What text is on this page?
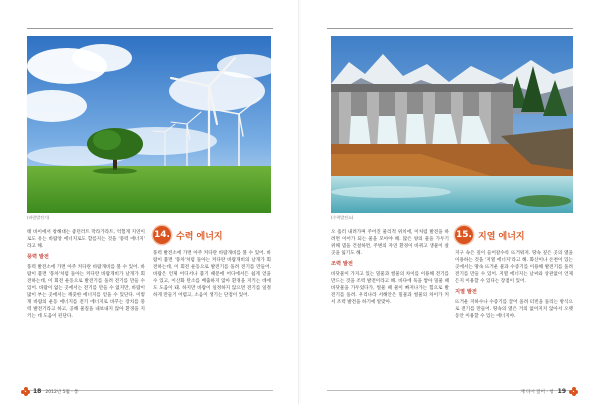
(바람발전기)

태 바이에서 창해대는 좋던러트 막라가라트, 억험게 지연이로도 유는 바람앙 에너지로도 할름지는 것을 '풍력 에너지' 라고 해.

풍력 발전

풍력 발전소에 가면 아주 커다란 바람개비를 볼 수 있어. 바람이 불면 '풍차'처럼 돌아는 커다란 바람개비가 날개가 회전하는데, 이 회전 운동으로 발전기를 돌려 전기를 만들 수 있어. 바람이 없는 곳에서는 전기를 만들 수 없지만, 바람이 많이 부는 곳에서는 깨끗한 에너지를 얻을 수 있단다. 이렇게 바람의 운동 에너지를 전기 에너지로 바꾸는 장치를 풍력 발전기라고 하고, 공해 물질을 내보내지 않아 환경을 지키는 데 도움이 된단다.

풍력 발전소에 가면 아주 커다란 바람개비를 볼 수 있어. 바람이 불면 '풍차'처럼 돌아는 커다란 바람개비의 날개가 회전하는데, 이 회전 운동으로 발전기를 돌려 전기를 만들어. 바람은 언제 어디서나 불기 때문에 어디에서든 쉽게 얻을 수 있고, 이산화 탄소를 배출하지 않아 환경을 지키는 데에도 도움이 돼. 하지만 바람이 일정하지 않으면 전기를 일정하게 만들기 어렵고, 소음이 생기는 단점이 있어.

18 2012년 5월 · 통
(수력발전소)

오 흘러 내려가며 주어진 물리적 위치에, 이처럼 발전을 하려면 이어가 되는 물을 모아야 해. 많은 양의 물을 가두기 위해 댐을 건설하면, 주변의 자연 환경이 바뀌고 생물이 살 곳을 잃기도 해.

조력 발전

바닷물이 가지고 있는 밀물과 썰물의 차이를 이용해 전기를 만드는 것을 조력 발전이라고 해. 바다에 둑을 쌓아 밀물 때 바닷물을 가두었다가, 썰물 때 물이 빠져나가는 힘으로 발전기를 돌려. 우리나라 서해안은 밀물과 썰물의 차이가 커서 조력 발전을 하기에 알맞아.

지구 속은 깊이 들어갈수록 뜨거워져. 땅속 깊은 곳의 열을 이용하는 것을 '지열 에너지'라고 해. 화산이나 온천이 있는 곳에서는 땅속 뜨거운 물과 수증기를 이용해 발전기를 돌려 전기를 만들 수 있어. 지열 에너지는 날씨와 상관없이 언제든지 이용할 수 있다는 장점이 있어.

지열 발전

뜨거운 지하수나 수증기를 끌어 올려 터빈을 돌리는 방식으로 전기를 만들어. 땅속의 열은 거의 없어지지 않아서 오랫동안 이용할 수 있는 에너지야.

재 다시 읽어 · 청 19
14. 수력 에너지	15. 지열 에너지
